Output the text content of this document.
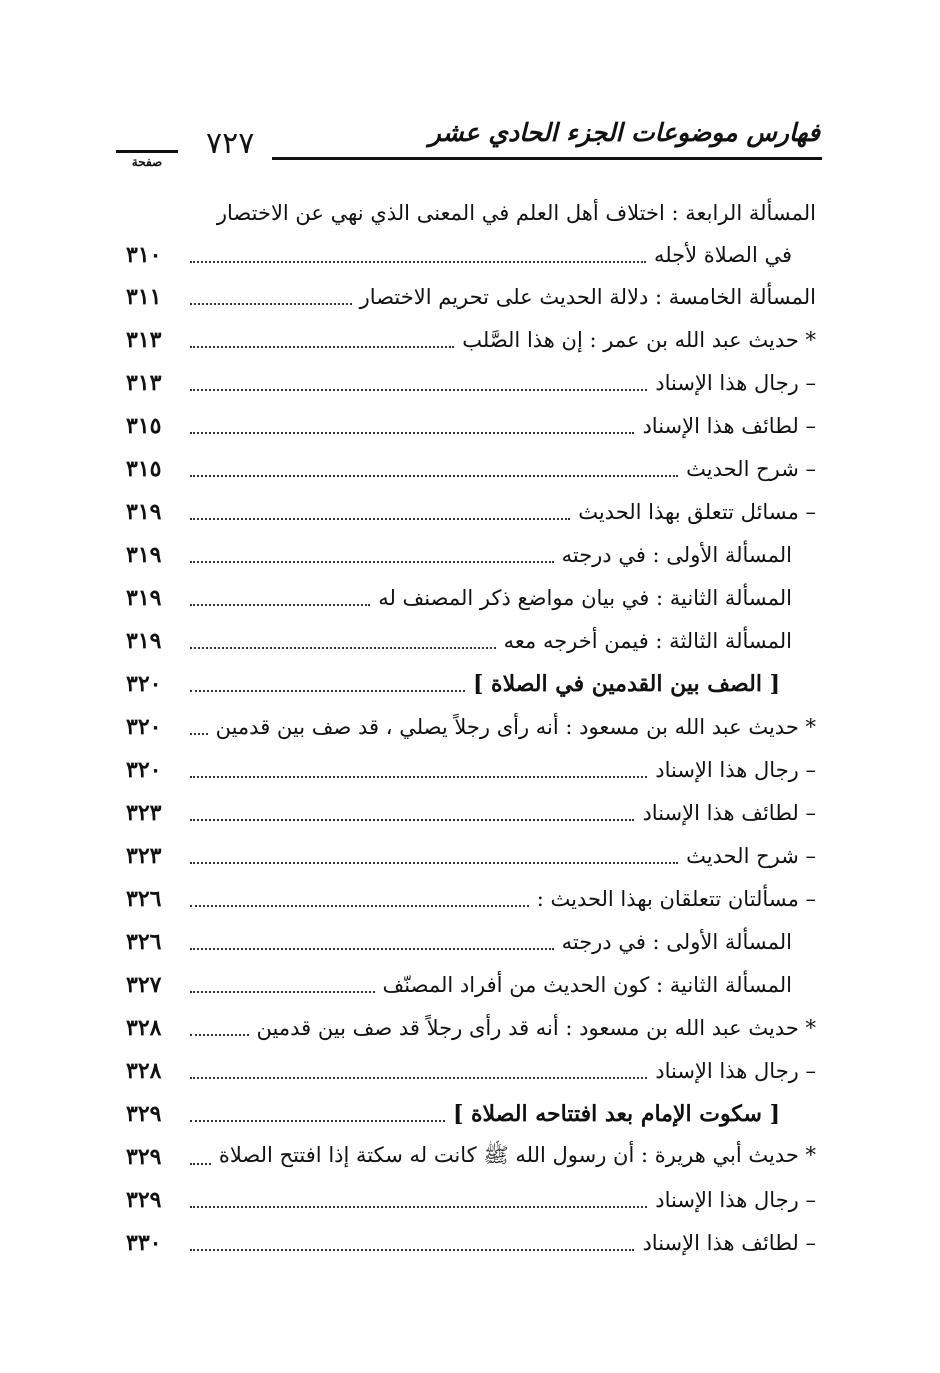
فهارس موضوعات الجزء الحادي عشر
٧٢٧
صفحة
المسألة الرابعة : اختلاف أهل العلم في المعنى الذي نهي عن الاختصار
في الصلاة لأجله
٣١٠
المسألة الخامسة : دلالة الحديث على تحريم الاختصار
٣١١
* حديث عبد الله بن عمر : إن هذا الصَّلب
٣١٣
– رجال هذا الإسناد
٣١٣
– لطائف هذا الإسناد
٣١٥
– شرح الحديث
٣١٥
– مسائل تتعلق بهذا الحديث
٣١٩
المسألة الأولى : في درجته
٣١٩
المسألة الثانية : في بيان مواضع ذكر المصنف له
٣١٩
المسألة الثالثة : فيمن أخرجه معه
٣١٩
[ الصف بين القدمين في الصلاة ]
٣٢٠
* حديث عبد الله بن مسعود : أنه رأى رجلاً يصلي ، قد صف بين قدمين
٣٢٠
– رجال هذا الإسناد
٣٢٠
– لطائف هذا الإسناد
٣٢٣
– شرح الحديث
٣٢٣
– مسألتان تتعلقان بهذا الحديث :
٣٢٦
المسألة الأولى : في درجته
٣٢٦
المسألة الثانية : كون الحديث من أفراد المصنّف
٣٢٧
* حديث عبد الله بن مسعود : أنه قد رأى رجلاً قد صف بين قدمين
٣٢٨
– رجال هذا الإسناد
٣٢٨
[ سكوت الإمام بعد افتتاحه الصلاة ]
٣٢٩
* حديث أبي هريرة : أن رسول الله ﷺ كانت له سكتة إذا افتتح الصلاة
٣٢٩
– رجال هذا الإسناد
٣٢٩
– لطائف هذا الإسناد
٣٣٠
